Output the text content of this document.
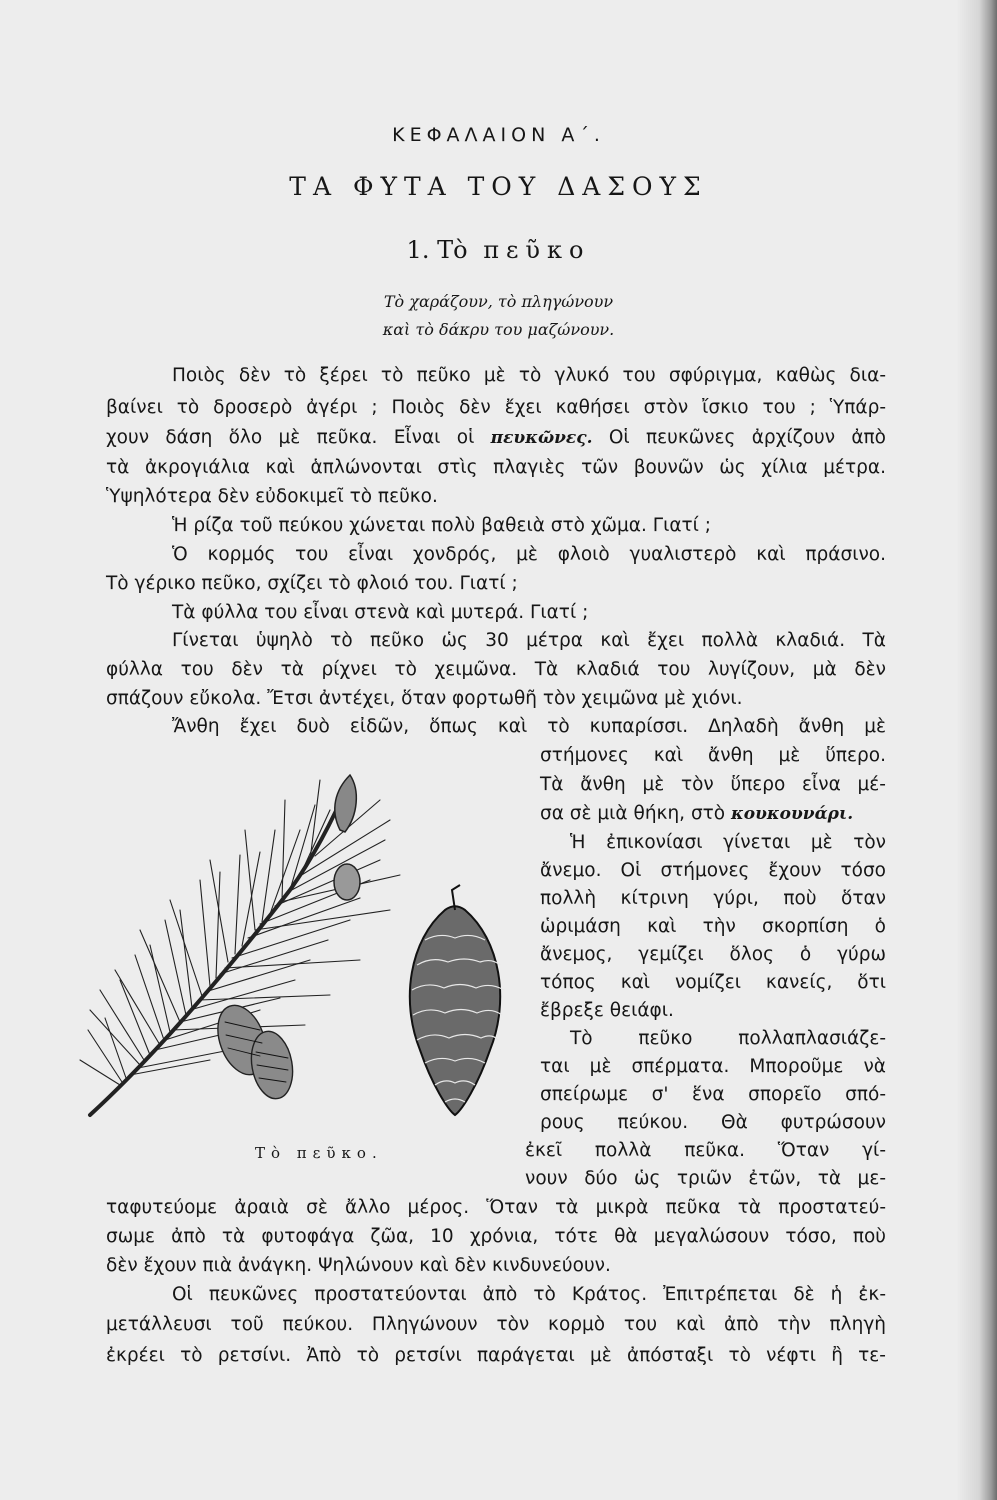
ΚΕΦΑΛΑΙΟΝ Α΄.
ΤΑ ΦΥΤΑ ΤΟΥ ΔΑΣΟΥΣ
1. Τὸ πεῦκο
Τὸ χαράζουν, τὸ πληγώνουν
καὶ τὸ δάκρυ του μαζώνουν.
Ποιὸς δὲν τὸ ξέρει τὸ πεῦκο μὲ τὸ γλυκό του σφύριγμα, καθὼς δια-
βαίνει τὸ δροσερὸ ἀγέρι ; Ποιὸς δὲν ἔχει καθήσει στὸν ἴσκιο του ; Ὑπάρ-
χουν δάση ὅλο μὲ πεῦκα. Εἶναι οἱ πευκῶνες. Οἱ πευκῶνες ἀρχίζουν ἀπὸ
τὰ ἀκρογιάλια καὶ ἁπλώνονται στὶς πλαγιὲς τῶν βουνῶν ὡς χίλια μέτρα.
Ὑψηλότερα δὲν εὐδοκιμεῖ τὸ πεῦκο.
Ἡ ρίζα τοῦ πεύκου χώνεται πολὺ βαθειὰ στὸ χῶμα. Γιατί ;
Ὁ κορμός του εἶναι χονδρός, μὲ φλοιὸ γυαλιστερὸ καὶ πράσινο.
Τὸ γέρικο πεῦκο, σχίζει τὸ φλοιό του. Γιατί ;
Τὰ φύλλα του εἶναι στενὰ καὶ μυτερά. Γιατί ;
Γίνεται ὑψηλὸ τὸ πεῦκο ὡς 30 μέτρα καὶ ἔχει πολλὰ κλαδιά. Τὰ
φύλλα του δὲν τὰ ρίχνει τὸ χειμῶνα. Τὰ κλαδιά του λυγίζουν, μὰ δὲν
σπάζουν εὔκολα. Ἔτσι ἀντέχει, ὅταν φορτωθῆ τὸν χειμῶνα μὲ χιόνι.
Ἄνθη ἔχει δυὸ εἰδῶν, ὅπως καὶ τὸ κυπαρίσσι. Δηλαδὴ ἄνθη μὲ
στήμονες καὶ ἄνθη μὲ ὕπερο.
Τὰ ἄνθη μὲ τὸν ὕπερο εἶνα μέ-
σα σὲ μιὰ θήκη, στὸ κουκουνάρι.
Ἡ ἐπικονίασι γίνεται μὲ τὸν
ἄνεμο. Οἱ στήμονες ἔχουν τόσο
πολλὴ κίτρινη γύρι, ποὺ ὅταν
ὡριμάση καὶ τὴν σκορπίση ὁ
ἄνεμος, γεμίζει ὅλος ὁ γύρω
τόπος καὶ νομίζει κανείς, ὅτι
ἔβρεξε θειάφι.
Τὸ πεῦκο πολλαπλασιάζε-
ται μὲ σπέρματα. Μποροῦμε νὰ
σπείρωμε σ' ἕνα σπορεῖο σπό-
ρους πεύκου. Θὰ φυτρώσουν
ἐκεῖ πολλὰ πεῦκα. Ὅταν γί-
νουν δύο ὡς τριῶν ἐτῶν, τὰ με-
ταφυτεύομε ἀραιὰ σὲ ἄλλο μέρος. Ὅταν τὰ μικρὰ πεῦκα τὰ προστατεύ-
σωμε ἀπὸ τὰ φυτοφάγα ζῶα, 10 χρόνια, τότε θὰ μεγαλώσουν τόσο, ποὺ
δὲν ἔχουν πιὰ ἀνάγκη. Ψηλώνουν καὶ δὲν κινδυνεύουν.
Οἱ πευκῶνες προστατεύονται ἀπὸ τὸ Κράτος. Ἐπιτρέπεται δὲ ἡ ἐκ-
μετάλλευσι τοῦ πεύκου. Πληγώνουν τὸν κορμὸ του καὶ ἀπὸ τὴν πληγὴ
ἐκρέει τὸ ρετσίνι. Ἀπὸ τὸ ρετσίνι παράγεται μὲ ἀπόσταξι τὸ νέφτι ἢ τε-
Τὸ πεῦκο.
